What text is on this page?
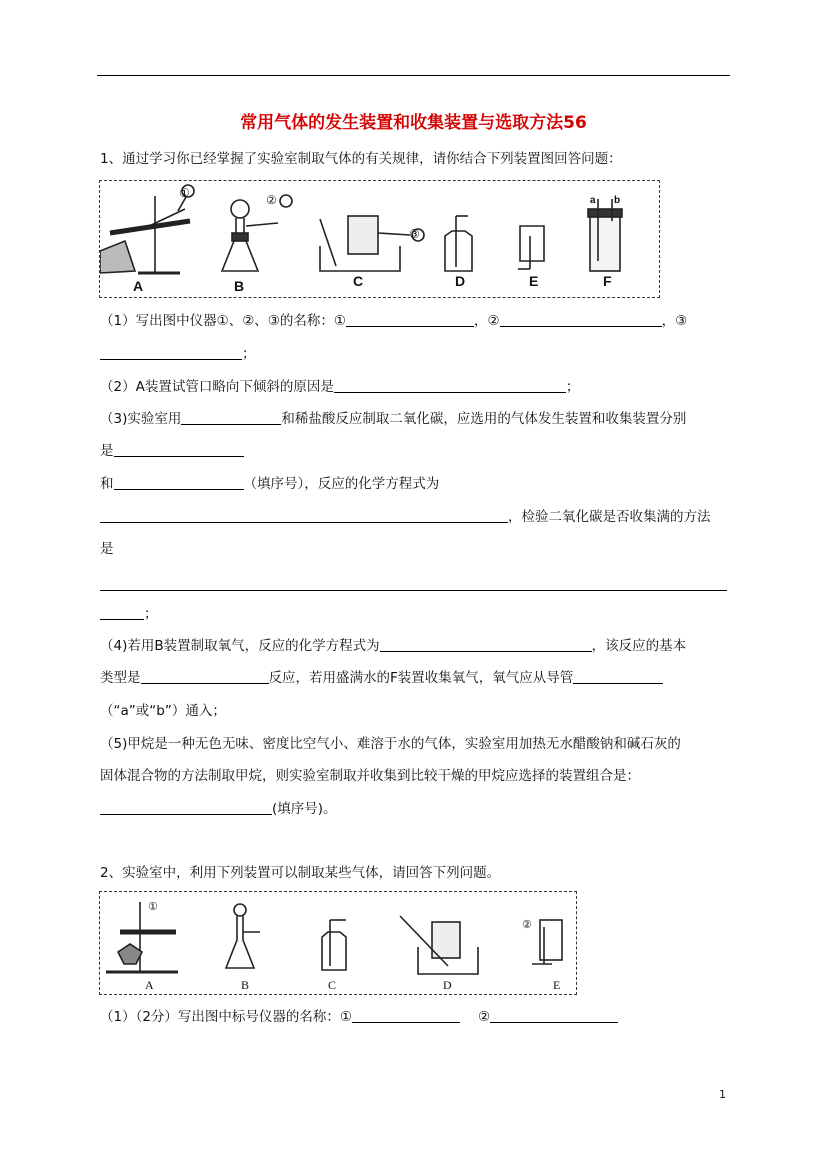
常用气体的发生装置和收集装置与选取方法56
1、通过学习你已经掌握了实验室制取气体的有关规律，请你结合下列装置图回答问题：
①	②
③
a b
A	B	C	D	E	F
（1）写出图中仪器①、②、③的名称：①	，②	，③
；
（2）A装置试管口略向下倾斜的原因是	；
（3)实验室用	和稀盐酸反应制取二氧化碳，应选用的气体发生装置和收集装置分别
是
和	（填序号），反应的化学方程式为
，检验二氧化碳是否收集满的方法
是
；
（4)若用B装置制取氧气，反应的化学方程式为	，该反应的基本
类型是	反应，若用盛满水的F装置收集氧气，氧气应从导管
（“a”或“b”）通入；
（5)甲烷是一种无色无味、密度比空气小、难溶于水的气体，实验室用加热无水醋酸钠和碱石灰的
固体混合物的方法制取甲烷，则实验室制取并收集到比较干燥的甲烷应选择的装置组合是：
(填序号)。
2、实验室中，利用下列装置可以制取某些气体，请回答下列问题。
①
②
A	B	C	D	E
（1）（2分）写出图中标号仪器的名称：①	②
1
